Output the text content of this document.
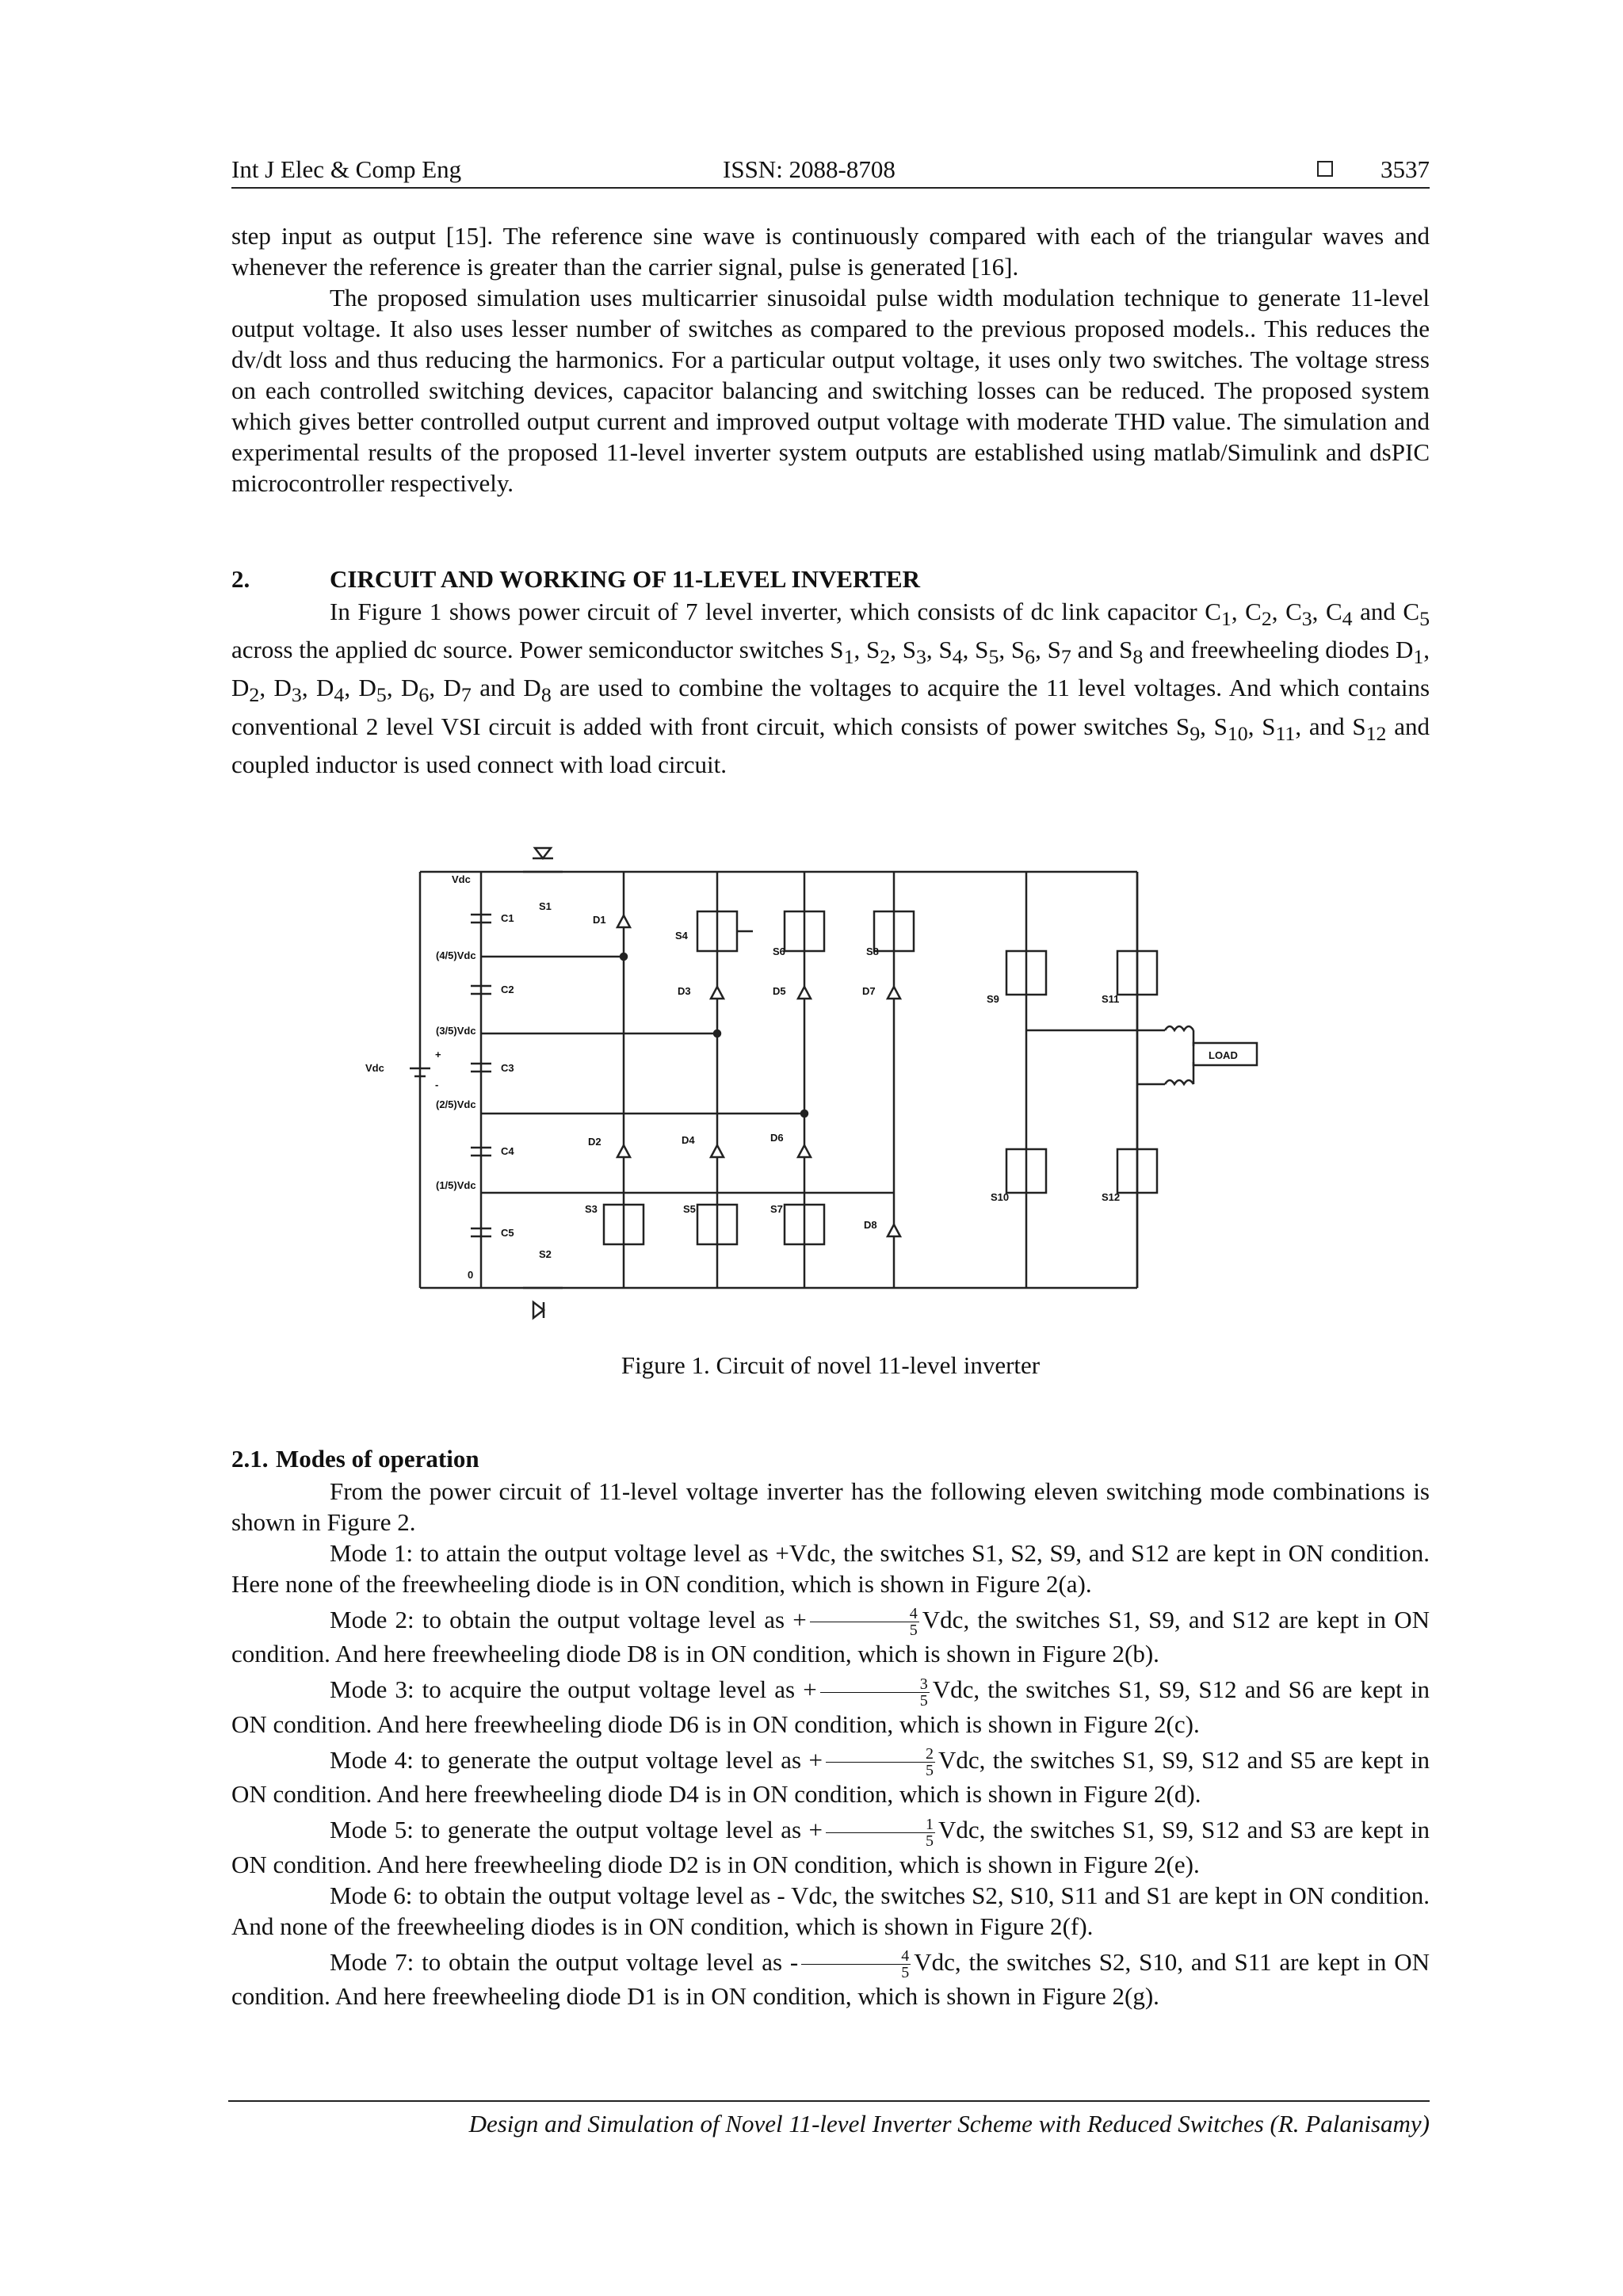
Int J Elec & Comp Eng	ISSN: 2088-8708	3537

step input as output [15]. The reference sine wave is continuously compared with each of the triangular waves and whenever the reference is greater than the carrier signal, pulse is generated [16].

The proposed simulation uses multicarrier sinusoidal pulse width modulation technique to generate 11-level output voltage. It also uses lesser number of switches as compared to the previous proposed models.. This reduces the dv/dt loss and thus reducing the harmonics. For a particular output voltage, it uses only two switches. The voltage stress on each controlled switching devices, capacitor balancing and switching losses can be reduced. The proposed system which gives better controlled output current and improved output voltage with moderate THD value. The simulation and experimental results of the proposed 11-level inverter system outputs are established using matlab/Simulink and dsPIC microcontroller respectively.

2.	CIRCUIT AND WORKING OF 11-LEVEL INVERTER

In Figure 1 shows power circuit of 7 level inverter, which consists of dc link capacitor $C_1$, $C_2$, $C_3$, $C_4$ and $C_5$ across the applied dc source. Power semiconductor switches $S_1$, $S_2$, $S_3$, $S_4$, $S_5$, $S_6$, $S_7$ and $S_8$ and freewheeling diodes $D_1$, $D_2$, $D_3$, $D_4$, $D_5$, $D_6$, $D_7$ and $D_8$ are used to combine the voltages to acquire the 11 level voltages. And which contains conventional 2 level VSI circuit is added with front circuit, which consists of power switches $S_9$, $S_{10}$, $S_{11}$, and $S_{12}$ and coupled inductor is used connect with load circuit.

Vdc
Vdc
+
-
C1
C2
C3
C4
C5
(4/5)Vdc
(3/5)Vdc
(2/5)Vdc
(1/5)Vdc
0
S1
S2
S3
S4
S5
S6
S7
S8
S9
S10
S11
S12
D1
D2
D3
D4
D5
D6
D7
D8
LOAD
Figure 1. Circuit of novel 11-level inverter
2.1. Modes of operation

From the power circuit of 11-level voltage inverter has the following eleven switching mode combinations is shown in Figure 2.

Mode 1: to attain the output voltage level as +Vdc, the switches S1, S2, S9, and S12 are kept in ON condition. Here none of the freewheeling diode is in ON condition, which is shown in Figure 2(a).

Mode 2: to obtain the output voltage level as + $\frac{4}{5}$ Vdc, the switches S1, S9, and S12 are kept in ON condition. And here freewheeling diode D8 is in ON condition, which is shown in Figure 2(b).

Mode 3: to acquire the output voltage level as + $\frac{3}{5}$ Vdc, the switches S1, S9, S12 and S6 are kept in ON condition. And here freewheeling diode D6 is in ON condition, which is shown in Figure 2(c).

Mode 4: to generate the output voltage level as + $\frac{2}{5}$ Vdc, the switches S1, S9, S12 and S5 are kept in ON condition. And here freewheeling diode D4 is in ON condition, which is shown in Figure 2(d).

Mode 5: to generate the output voltage level as + $\frac{1}{5}$ Vdc, the switches S1, S9, S12 and S3 are kept in ON condition. And here freewheeling diode D2 is in ON condition, which is shown in Figure 2(e).

Mode 6: to obtain the output voltage level as - Vdc, the switches S2, S10, S11 and S1 are kept in ON condition. And none of the freewheeling diodes is in ON condition, which is shown in Figure 2(f).

Mode 7: to obtain the output voltage level as - $\frac{4}{5}$ Vdc, the switches S2, S10, and S11 are kept in ON condition. And here freewheeling diode D1 is in ON condition, which is shown in Figure 2(g).

Design and Simulation of Novel 11-level Inverter Scheme with Reduced Switches (R. Palanisamy)
